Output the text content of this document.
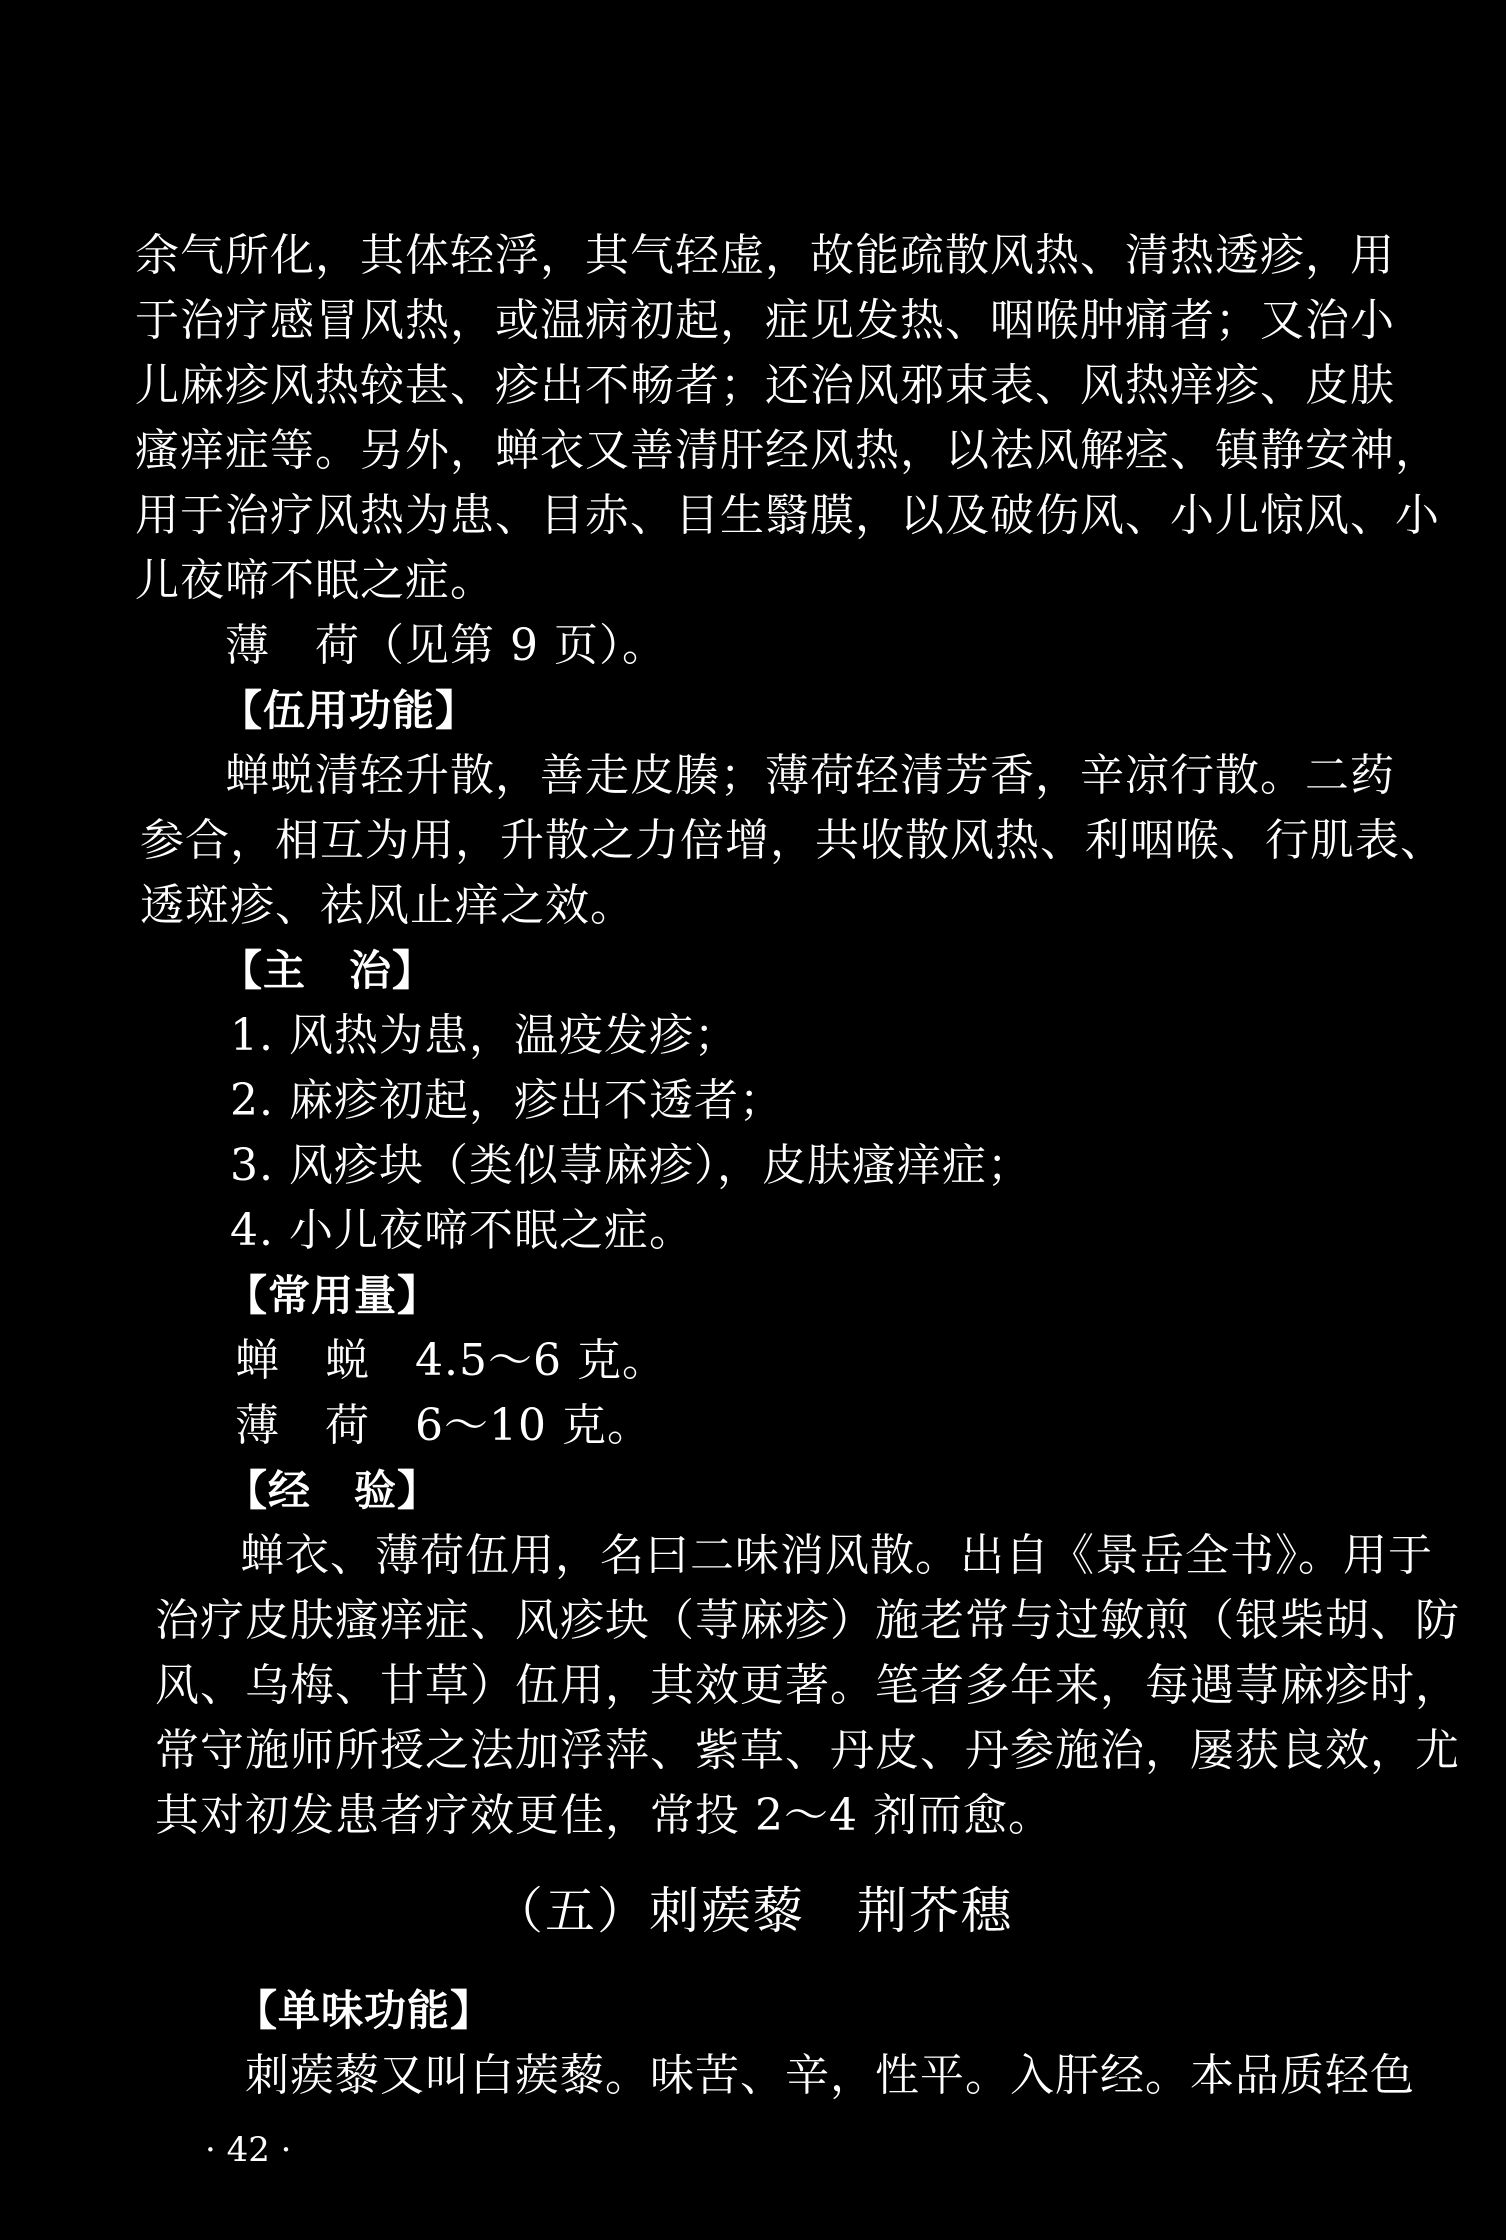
余气所化，其体轻浮，其气轻虚，故能疏散风热、清热透疹，用
于治疗感冒风热，或温病初起，症见发热、咽喉肿痛者；又治小
儿麻疹风热较甚、疹出不畅者；还治风邪束表、风热痒疹、皮肤
瘙痒症等。另外，蝉衣又善清肝经风热，以祛风解痉、镇静安神，
用于治疗风热为患、目赤、目生翳膜，以及破伤风、小儿惊风、小
儿夜啼不眠之症。
薄　荷（见第 9 页）。
【伍用功能】
蝉蜕清轻升散，善走皮腠；薄荷轻清芳香，辛凉行散。二药
参合，相互为用，升散之力倍增，共收散风热、利咽喉、行肌表、
透斑疹、祛风止痒之效。
【主　治】
1. 风热为患，温疫发疹；
2. 麻疹初起，疹出不透者；
3. 风疹块（类似荨麻疹），皮肤瘙痒症；
4. 小儿夜啼不眠之症。
【常用量】
蝉　蜕　4.5～6 克。
薄　荷　6～10 克。
【经　验】
蝉衣、薄荷伍用，名曰二味消风散。出自《景岳全书》。用于
治疗皮肤瘙痒症、风疹块（荨麻疹）施老常与过敏煎（银柴胡、防
风、乌梅、甘草）伍用，其效更著。笔者多年来，每遇荨麻疹时，
常守施师所授之法加浮萍、紫草、丹皮、丹参施治，屡获良效，尤
其对初发患者疗效更佳，常投 2～4 剂而愈。
（五）刺蒺藜　荆芥穗
【单味功能】
刺蒺藜又叫白蒺藜。味苦、辛，性平。入肝经。本品质轻色
· 42 ·
